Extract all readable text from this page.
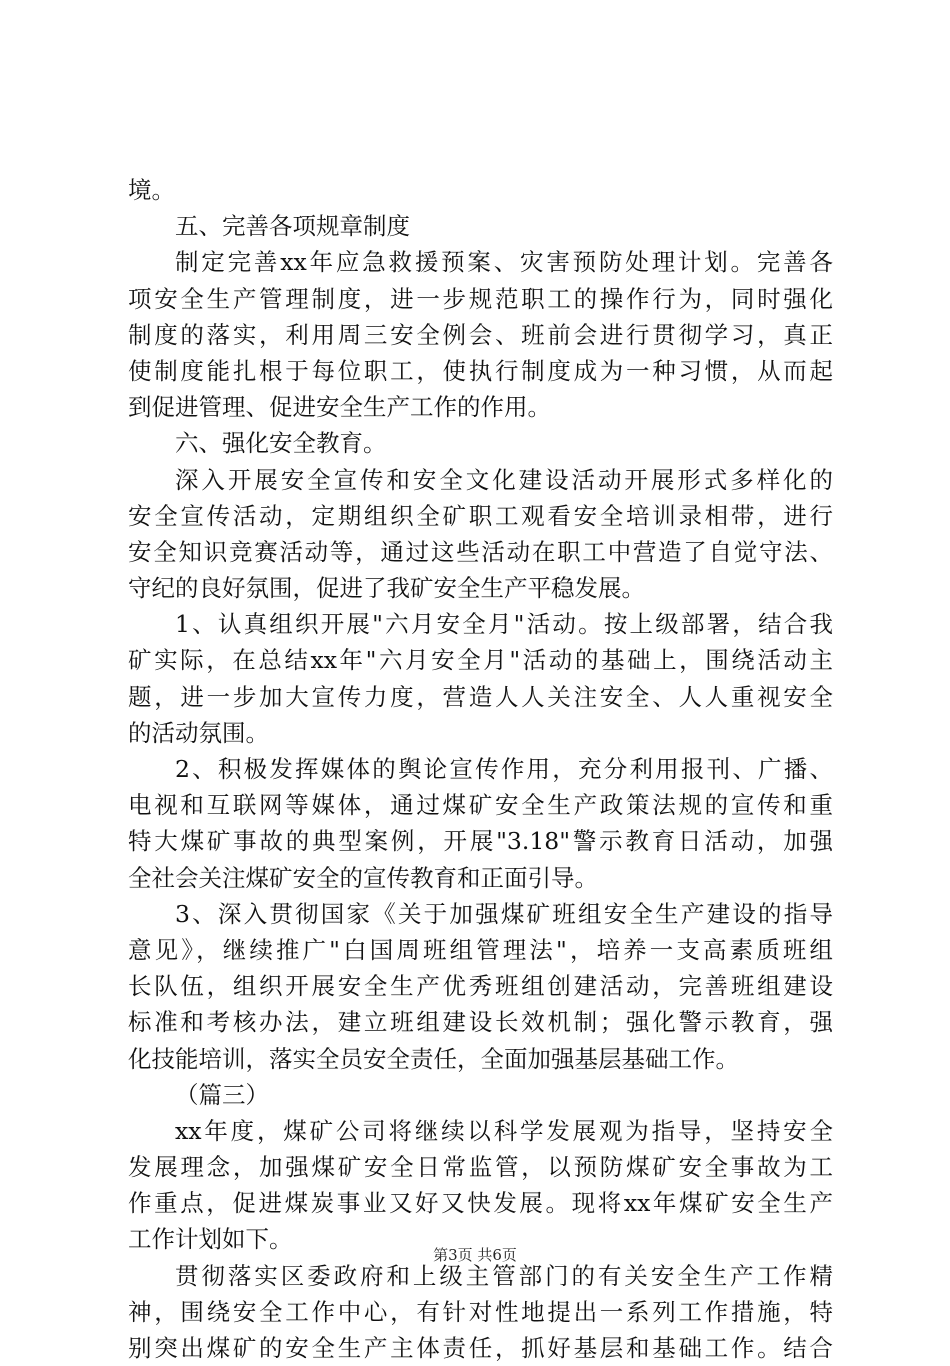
境。
五、完善各项规章制度
制定完善xx年应急救援预案、灾害预防处理计划。完善各
项安全生产管理制度，进一步规范职工的操作行为，同时强化
制度的落实，利用周三安全例会、班前会进行贯彻学习，真正
使制度能扎根于每位职工，使执行制度成为一种习惯，从而起
到促进管理、促进安全生产工作的作用。
六、强化安全教育。
深入开展安全宣传和安全文化建设活动开展形式多样化的
安全宣传活动，定期组织全矿职工观看安全培训录相带，进行
安全知识竞赛活动等，通过这些活动在职工中营造了自觉守法、
守纪的良好氛围，促进了我矿安全生产平稳发展。
1、认真组织开展"六月安全月"活动。按上级部署，结合我
矿实际，在总结xx年"六月安全月"活动的基础上，围绕活动主
题，进一步加大宣传力度，营造人人关注安全、人人重视安全
的活动氛围。
2、积极发挥媒体的舆论宣传作用，充分利用报刊、广播、
电视和互联网等媒体，通过煤矿安全生产政策法规的宣传和重
特大煤矿事故的典型案例，开展"3.18"警示教育日活动，加强
全社会关注煤矿安全的宣传教育和正面引导。
3、深入贯彻国家《关于加强煤矿班组安全生产建设的指导
意见》，继续推广"白国周班组管理法"，培养一支高素质班组
长队伍，组织开展安全生产优秀班组创建活动，完善班组建设
标准和考核办法，建立班组建设长效机制；强化警示教育，强
化技能培训，落实全员安全责任，全面加强基层基础工作。
（篇三）
xx年度，煤矿公司将继续以科学发展观为指导，坚持安全
发展理念，加强煤矿安全日常监管，以预防煤矿安全事故为工
作重点，促进煤炭事业又好又快发展。现将xx年煤矿安全生产
工作计划如下。
贯彻落实区委政府和上级主管部门的有关安全生产工作精
神，围绕安全工作中心，有针对性地提出一系列工作措施，特
别突出煤矿的安全生产主体责任，抓好基层和基础工作。结合
第3页 共6页
